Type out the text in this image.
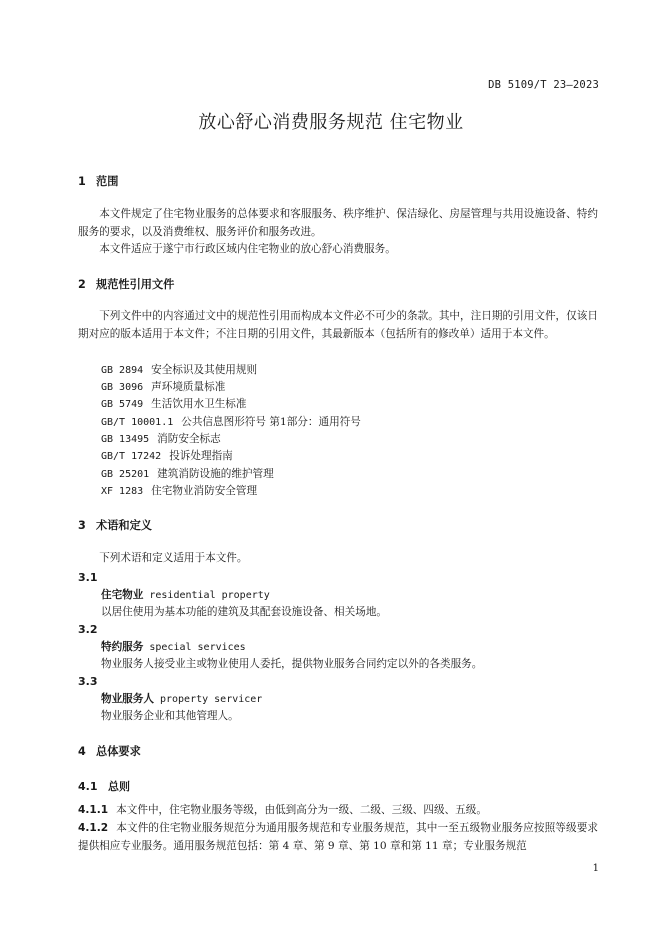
DB 5109/T 23—2023
放心舒心消费服务规范 住宅物业
1 范围
本文件规定了住宅物业服务的总体要求和客服服务、秩序维护、保洁绿化、房屋管理与共用设施设备、特约服务的要求，以及消费维权、服务评价和服务改进。
本文件适应于遂宁市行政区域内住宅物业的放心舒心消费服务。
2 规范性引用文件
下列文件中的内容通过文中的规范性引用而构成本文件必不可少的条款。其中，注日期的引用文件，仅该日期对应的版本适用于本文件；不注日期的引用文件，其最新版本（包括所有的修改单）适用于本文件。
GB 2894 安全标识及其使用规则
GB 3096 声环境质量标准
GB 5749 生活饮用水卫生标准
GB/T 10001.1 公共信息图形符号 第1部分：通用符号
GB 13495 消防安全标志
GB/T 17242 投诉处理指南
GB 25201 建筑消防设施的维护管理
XF 1283 住宅物业消防安全管理
3 术语和定义
下列术语和定义适用于本文件。
3.1
住宅物业 residential property
以居住使用为基本功能的建筑及其配套设施设备、相关场地。
3.2
特约服务 special services
物业服务人接受业主或物业使用人委托，提供物业服务合同约定以外的各类服务。
3.3
物业服务人 property servicer
物业服务企业和其他管理人。
4 总体要求
4.1 总则
4.1.1 本文件中，住宅物业服务等级，由低到高分为一级、二级、三级、四级、五级。
4.1.2 本文件的住宅物业服务规范分为通用服务规范和专业服务规范，其中一至五级物业服务应按照等级要求提供相应专业服务。通用服务规范包括：第 4 章、第 9 章、第 10 章和第 11 章；专业服务规范
1
